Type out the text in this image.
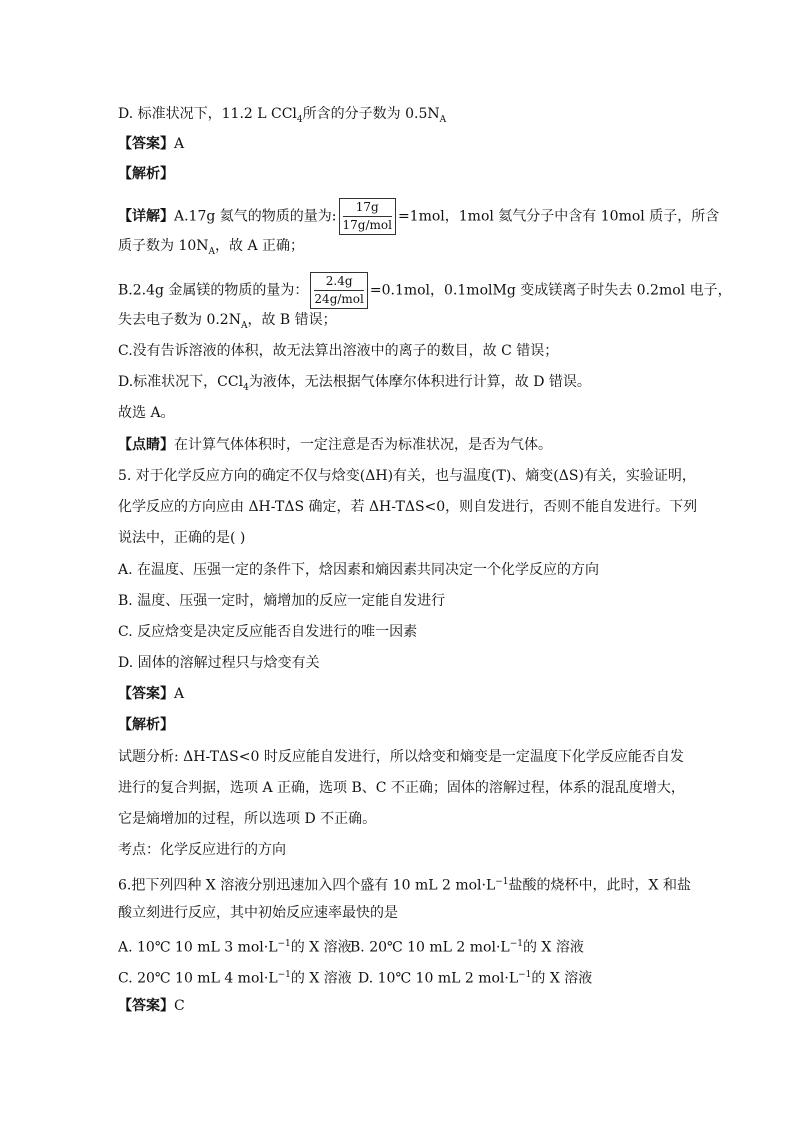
D. 标准状况下，11.2 L CCl$_4$所含的分子数为 $0.5N_A$
【答案】A
【解析】
【详解】A.17g 氦气的物质的量为: $\frac{17g}{\text{17g/mol}} =1mol$，1mol 氦气分子中含有 10mol 质子，所含
质子数为 $10N_A$，故 A 正确；
B.2.4g 金属镁的物质的量为： $\frac{2.4g}{\text{24g/mol}} =0.1mol$，0.1molMg 变成镁离子时失去 0.2mol 电子，
失去电子数为 $0.2N_A$，故 B 错误；
C.没有告诉溶液的体积，故无法算出溶液中的离子的数目，故 C 错误；
D.标准状况下，CCl$_4$为液体，无法根据气体摩尔体积进行计算，故 D 错误。
故选 A。
【点睛】在计算气体体积时，一定注意是否为标准状况，是否为气体。
5. 对于化学反应方向的确定不仅与焓变(ΔH)有关，也与温度(T)、熵变(ΔS)有关，实验证明，
化学反应的方向应由 ΔH-TΔS 确定，若 ΔH-TΔS<0，则自发进行，否则不能自发进行。下列
说法中，正确的是( )
A. 在温度、压强一定的条件下，焓因素和熵因素共同决定一个化学反应的方向
B. 温度、压强一定时，熵增加的反应一定能自发进行
C. 反应焓变是决定反应能否自发进行的唯一因素
D. 固体的溶解过程只与焓变有关
【答案】A
【解析】
试题分析: ΔH-TΔS<0 时反应能自发进行，所以焓变和熵变是一定温度下化学反应能否自发
进行的复合判据，选项 A 正确，选项 B、C 不正确；固体的溶解过程，体系的混乱度增大，
它是熵增加的过程，所以选项 D 不正确。
考点：化学反应进行的方向
6.把下列四种 X 溶液分别迅速加入四个盛有 10 mL 2 $mol\cdot L^{-1}$盐酸的烧杯中，此时，X 和盐
酸立刻进行反应，其中初始反应速率最快的是
A. 10℃ 10 mL 3 $mol\cdot L^{-1}$的 X 溶液
B. 20℃ 10 mL 2 $mol\cdot L^{-1}$的 X 溶液
C. 20℃ 10 mL 4 $mol\cdot L^{-1}$的 X 溶液 D. 10℃ 10 mL 2 $mol\cdot L^{-1}$的 X 溶液
【答案】C
